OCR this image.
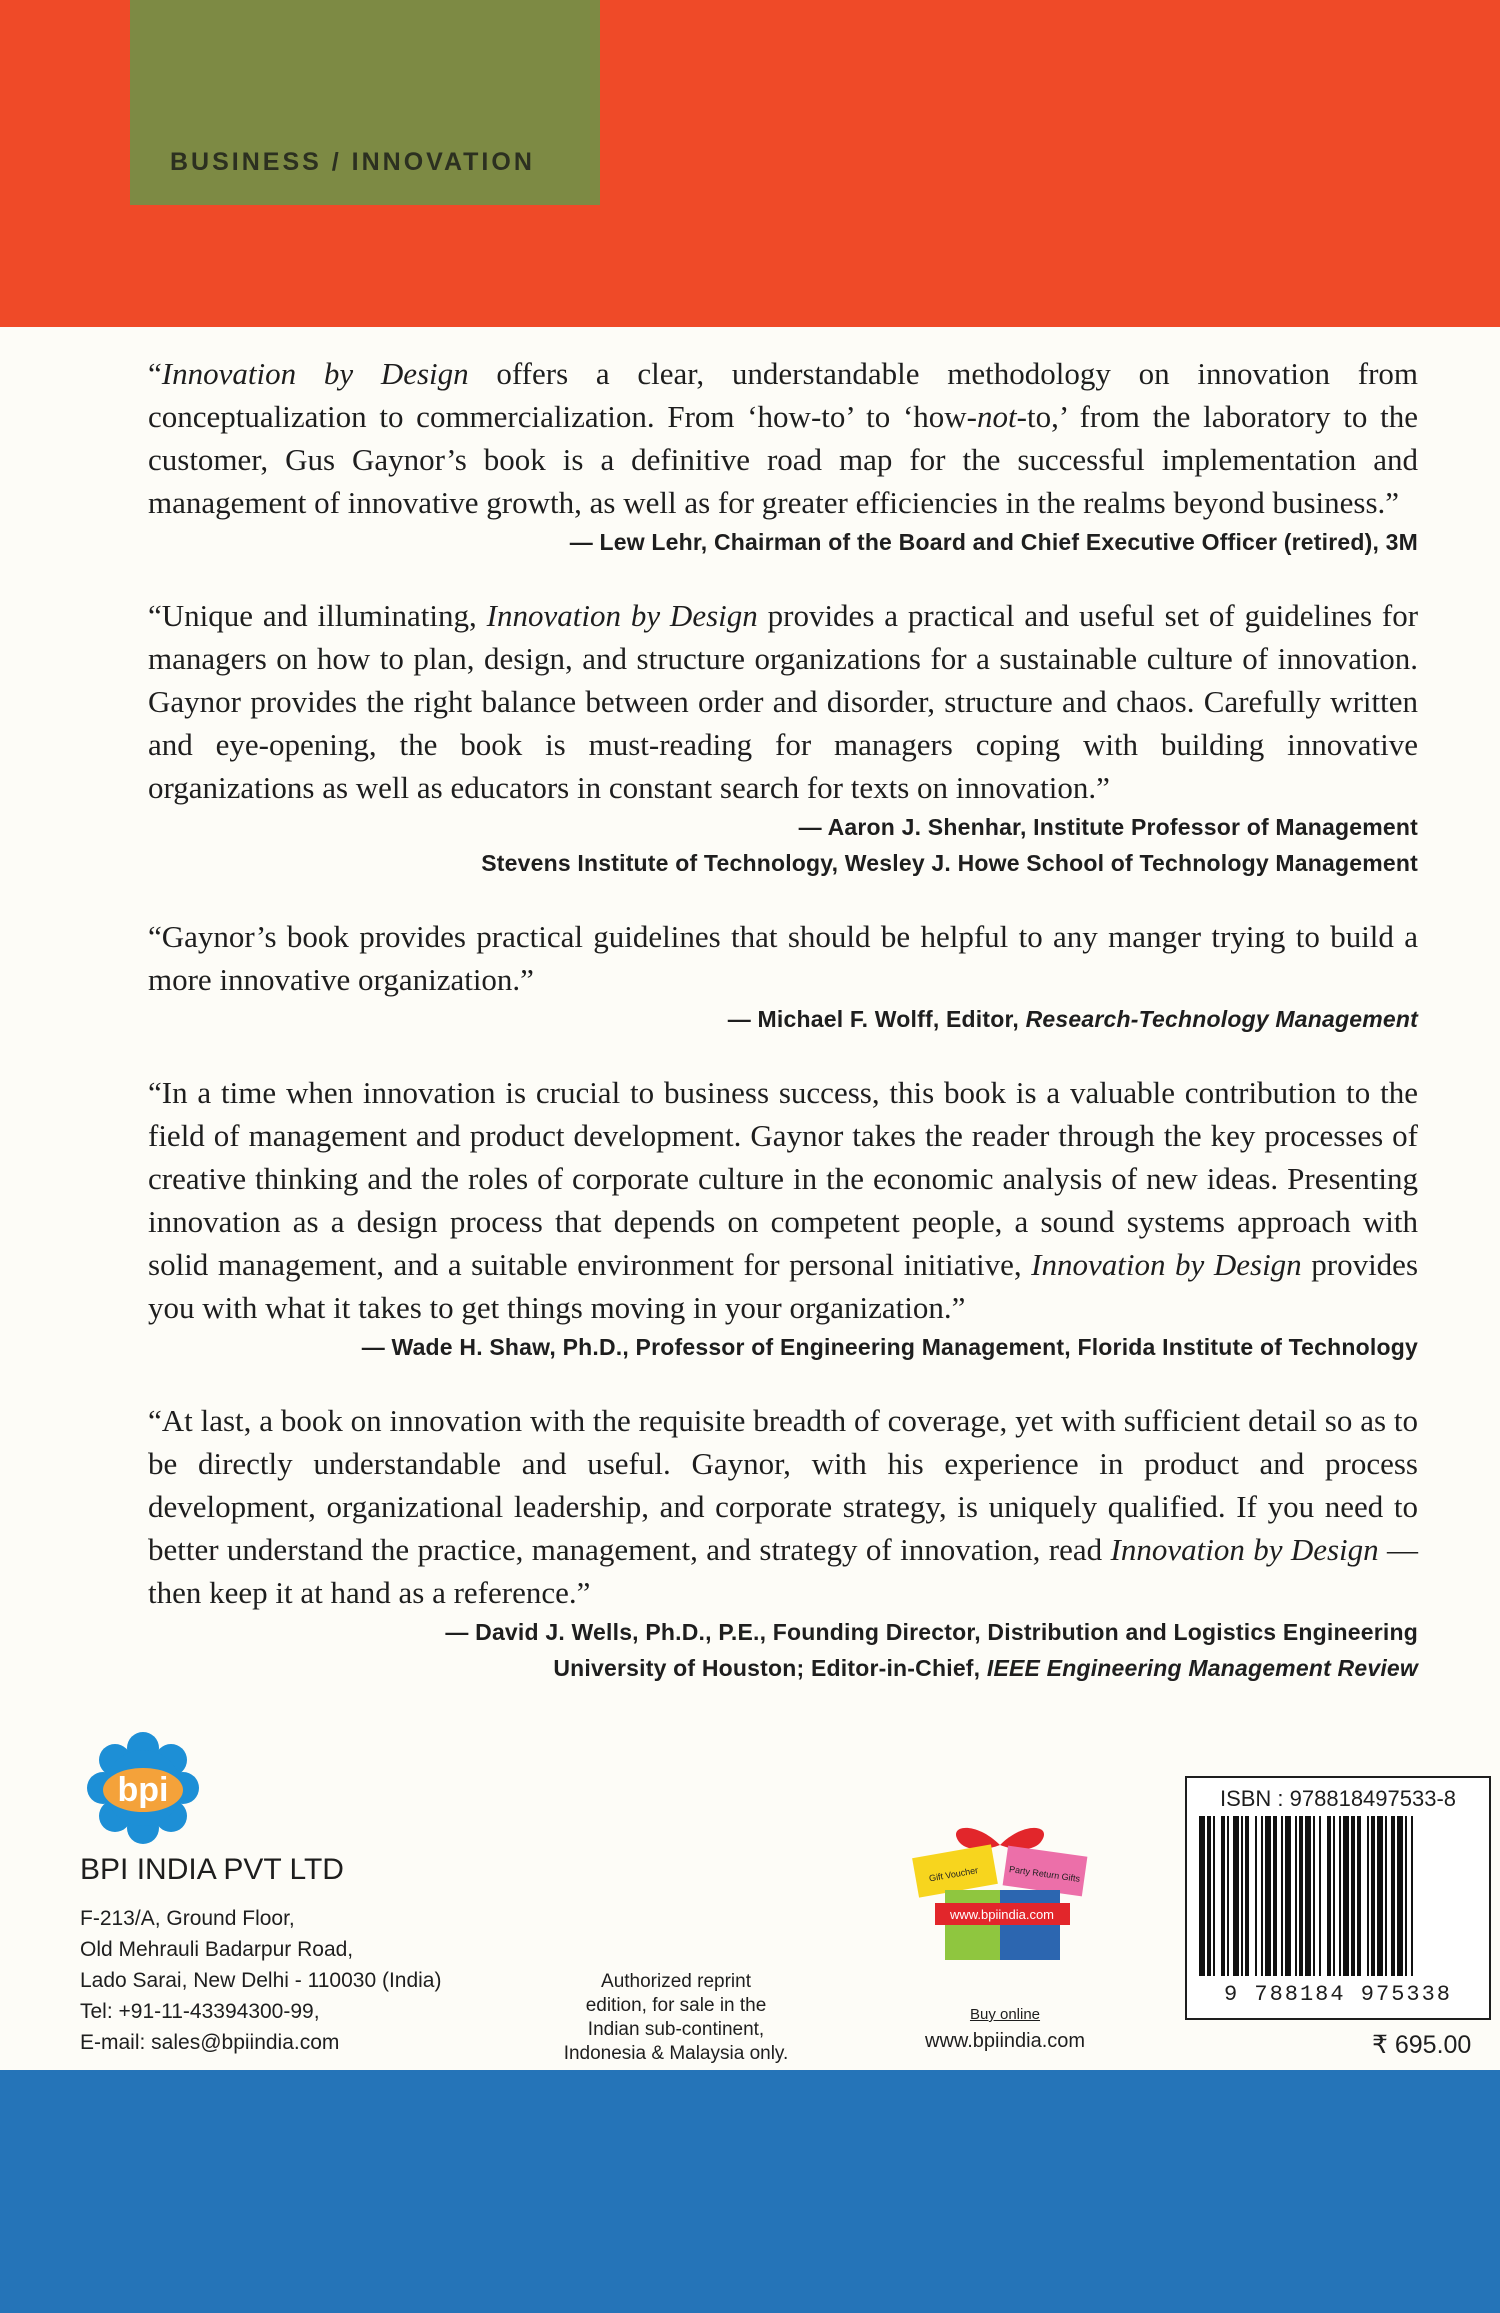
BUSINESS / INNOVATION
“Innovation by Design offers a clear, understandable methodology on innovation from conceptualization to commercialization. From ‘how-to’ to ‘how-not-to,’ from the laboratory to the customer, Gus Gaynor’s book is a definitive road map for the successful implementation and management of innovative growth, as well as for greater efficiencies in the realms beyond business.”
— Lew Lehr, Chairman of the Board and Chief Executive Officer (retired), 3M
“Unique and illuminating, Innovation by Design provides a practical and useful set of guidelines for managers on how to plan, design, and structure organizations for a sustainable culture of innovation. Gaynor provides the right balance between order and disorder, structure and chaos. Carefully written and eye-opening, the book is must-reading for managers coping with building innovative organizations as well as educators in constant search for texts on innovation.”
— Aaron J. Shenhar, Institute Professor of Management
Stevens Institute of Technology, Wesley J. Howe School of Technology Management
“Gaynor’s book provides practical guidelines that should be helpful to any manger trying to build a more innovative organization.”
— Michael F. Wolff, Editor, Research-Technology Management
“In a time when innovation is crucial to business success, this book is a valuable contribution to the field of management and product development. Gaynor takes the reader through the key processes of creative thinking and the roles of corporate culture in the economic analysis of new ideas. Presenting innovation as a design process that depends on competent people, a sound systems approach with solid management, and a suitable environment for personal initiative, Innovation by Design provides you with what it takes to get things moving in your organization.”
— Wade H. Shaw, Ph.D., Professor of Engineering Management, Florida Institute of Technology
“At last, a book on innovation with the requisite breadth of coverage, yet with sufficient detail so as to be directly understandable and useful. Gaynor, with his experience in product and process development, organizational leadership, and corporate strategy, is uniquely qualified. If you need to better understand the practice, management, and strategy of innovation, read Innovation by Design —then keep it at hand as a reference.”
— David J. Wells, Ph.D., P.E., Founding Director, Distribution and Logistics Engineering
University of Houston; Editor-in-Chief, IEEE Engineering Management Review
bpi
BPI INDIA PVT LTD
F-213/A, Ground Floor,
Old Mehrauli Badarpur Road,
Lado Sarai, New Delhi - 110030 (India)
Tel: +91-11-43394300-99,
E-mail: sales@bpiindia.com
Authorized reprint
edition, for sale in the
Indian sub-continent,
Indonesia & Malaysia only.
Gift Voucher	Party Return Gifts
www.bpiindia.com
Buy online
www.bpiindia.com
ISBN : 978818497533-8
9 788184 975338
₹ 695.00
